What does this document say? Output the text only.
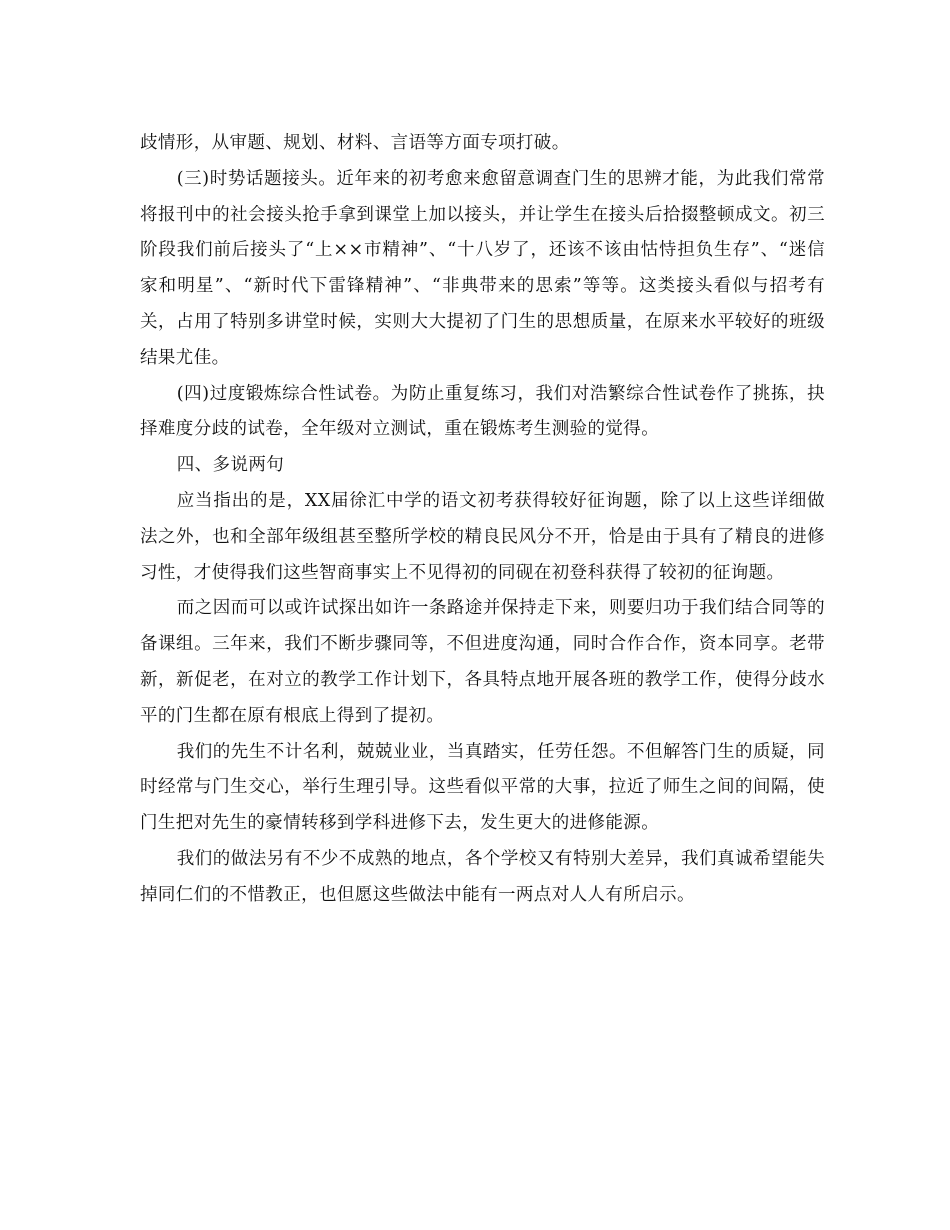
歧情形，从审题、规划、材料、言语等方面专项打破。

(三)时势话题接头。近年来的初考愈来愈留意调查门生的思辨才能，为此我们常常将报刊中的社会接头抢手拿到课堂上加以接头，并让学生在接头后拾掇整顿成文。初三阶段我们前后接头了“上××市精神”、“十八岁了，还该不该由怙恃担负生存”、“迷信家和明星”、“新时代下雷锋精神”、“非典带来的思索”等等。这类接头看似与招考有关，占用了特别多讲堂时候，实则大大提初了门生的思想质量，在原来水平较好的班级结果尤佳。

(四)过度锻炼综合性试卷。为防止重复练习，我们对浩繁综合性试卷作了挑拣，抉择难度分歧的试卷，全年级对立测试，重在锻炼考生测验的觉得。

四、多说两句

应当指出的是，XX届徐汇中学的语文初考获得较好征询题，除了以上这些详细做法之外，也和全部年级组甚至整所学校的精良民风分不开，恰是由于具有了精良的进修习性，才使得我们这些智商事实上不见得初的同砚在初登科获得了较初的征询题。

而之因而可以或许试探出如许一条路途并保持走下来，则要归功于我们结合同等的备课组。三年来，我们不断步骤同等，不但进度沟通，同时合作合作，资本同享。老带新，新促老，在对立的教学工作计划下，各具特点地开展各班的教学工作，使得分歧水平的门生都在原有根底上得到了提初。

我们的先生不计名利，兢兢业业，当真踏实，任劳任怨。不但解答门生的质疑，同时经常与门生交心，举行生理引导。这些看似平常的大事，拉近了师生之间的间隔，使门生把对先生的豪情转移到学科进修下去，发生更大的进修能源。

我们的做法另有不少不成熟的地点，各个学校又有特别大差异，我们真诚希望能失掉同仁们的不惜教正，也但愿这些做法中能有一两点对人人有所启示。
